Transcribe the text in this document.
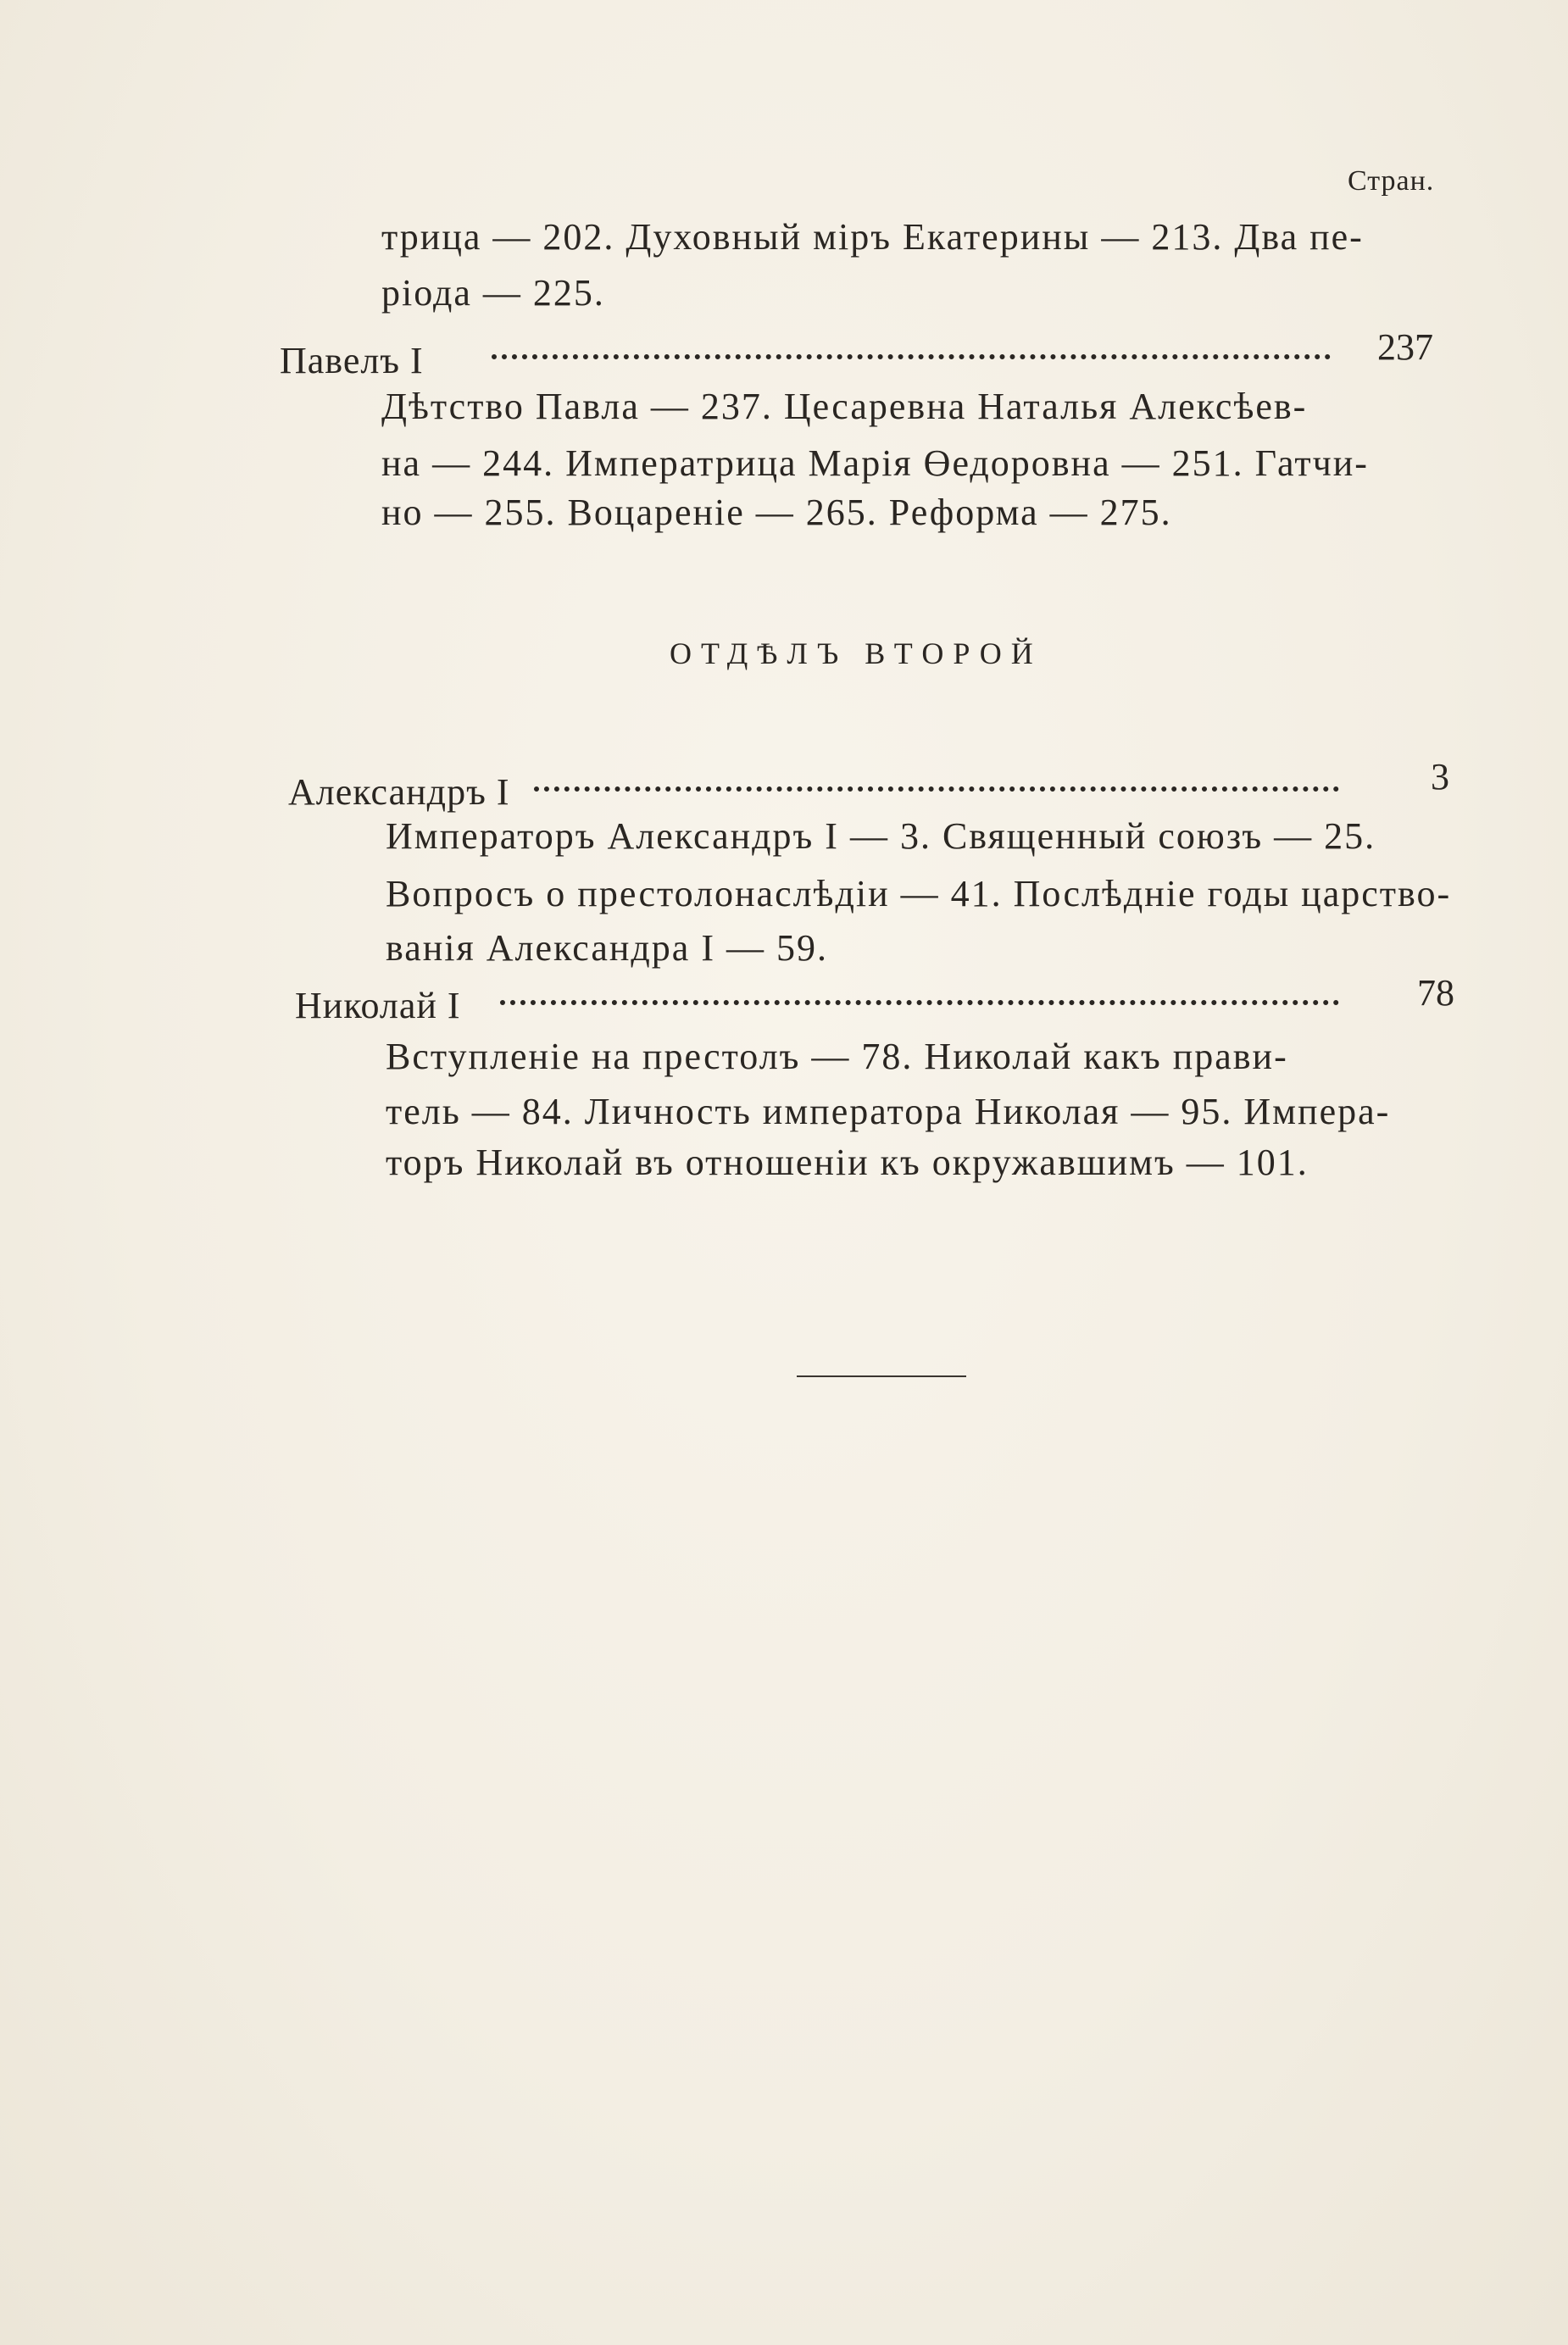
Стран.
трица — 202. Духовный міръ Екатерины — 213. Два пе-
ріода — 225.
Павелъ I	237
Дѣтство Павла — 237. Цесаревна Наталья Алексѣев-
на — 244. Императрица Марія Өедоровна — 251. Гатчи-
но — 255. Воцареніе — 265. Реформа — 275.
ОТДѢЛЪ ВТОРОЙ
Александръ I	3
Императоръ Александръ I — 3. Священный союзъ — 25.
Вопросъ о престолонаслѣдіи — 41. Послѣдніе годы царство-
ванія Александра I — 59.
Николай I	78
Вступленіе на престолъ — 78. Николай какъ прави-
тель — 84. Личность императора Николая — 95. Импера-
торъ Николай въ отношеніи къ окружавшимъ — 101.
